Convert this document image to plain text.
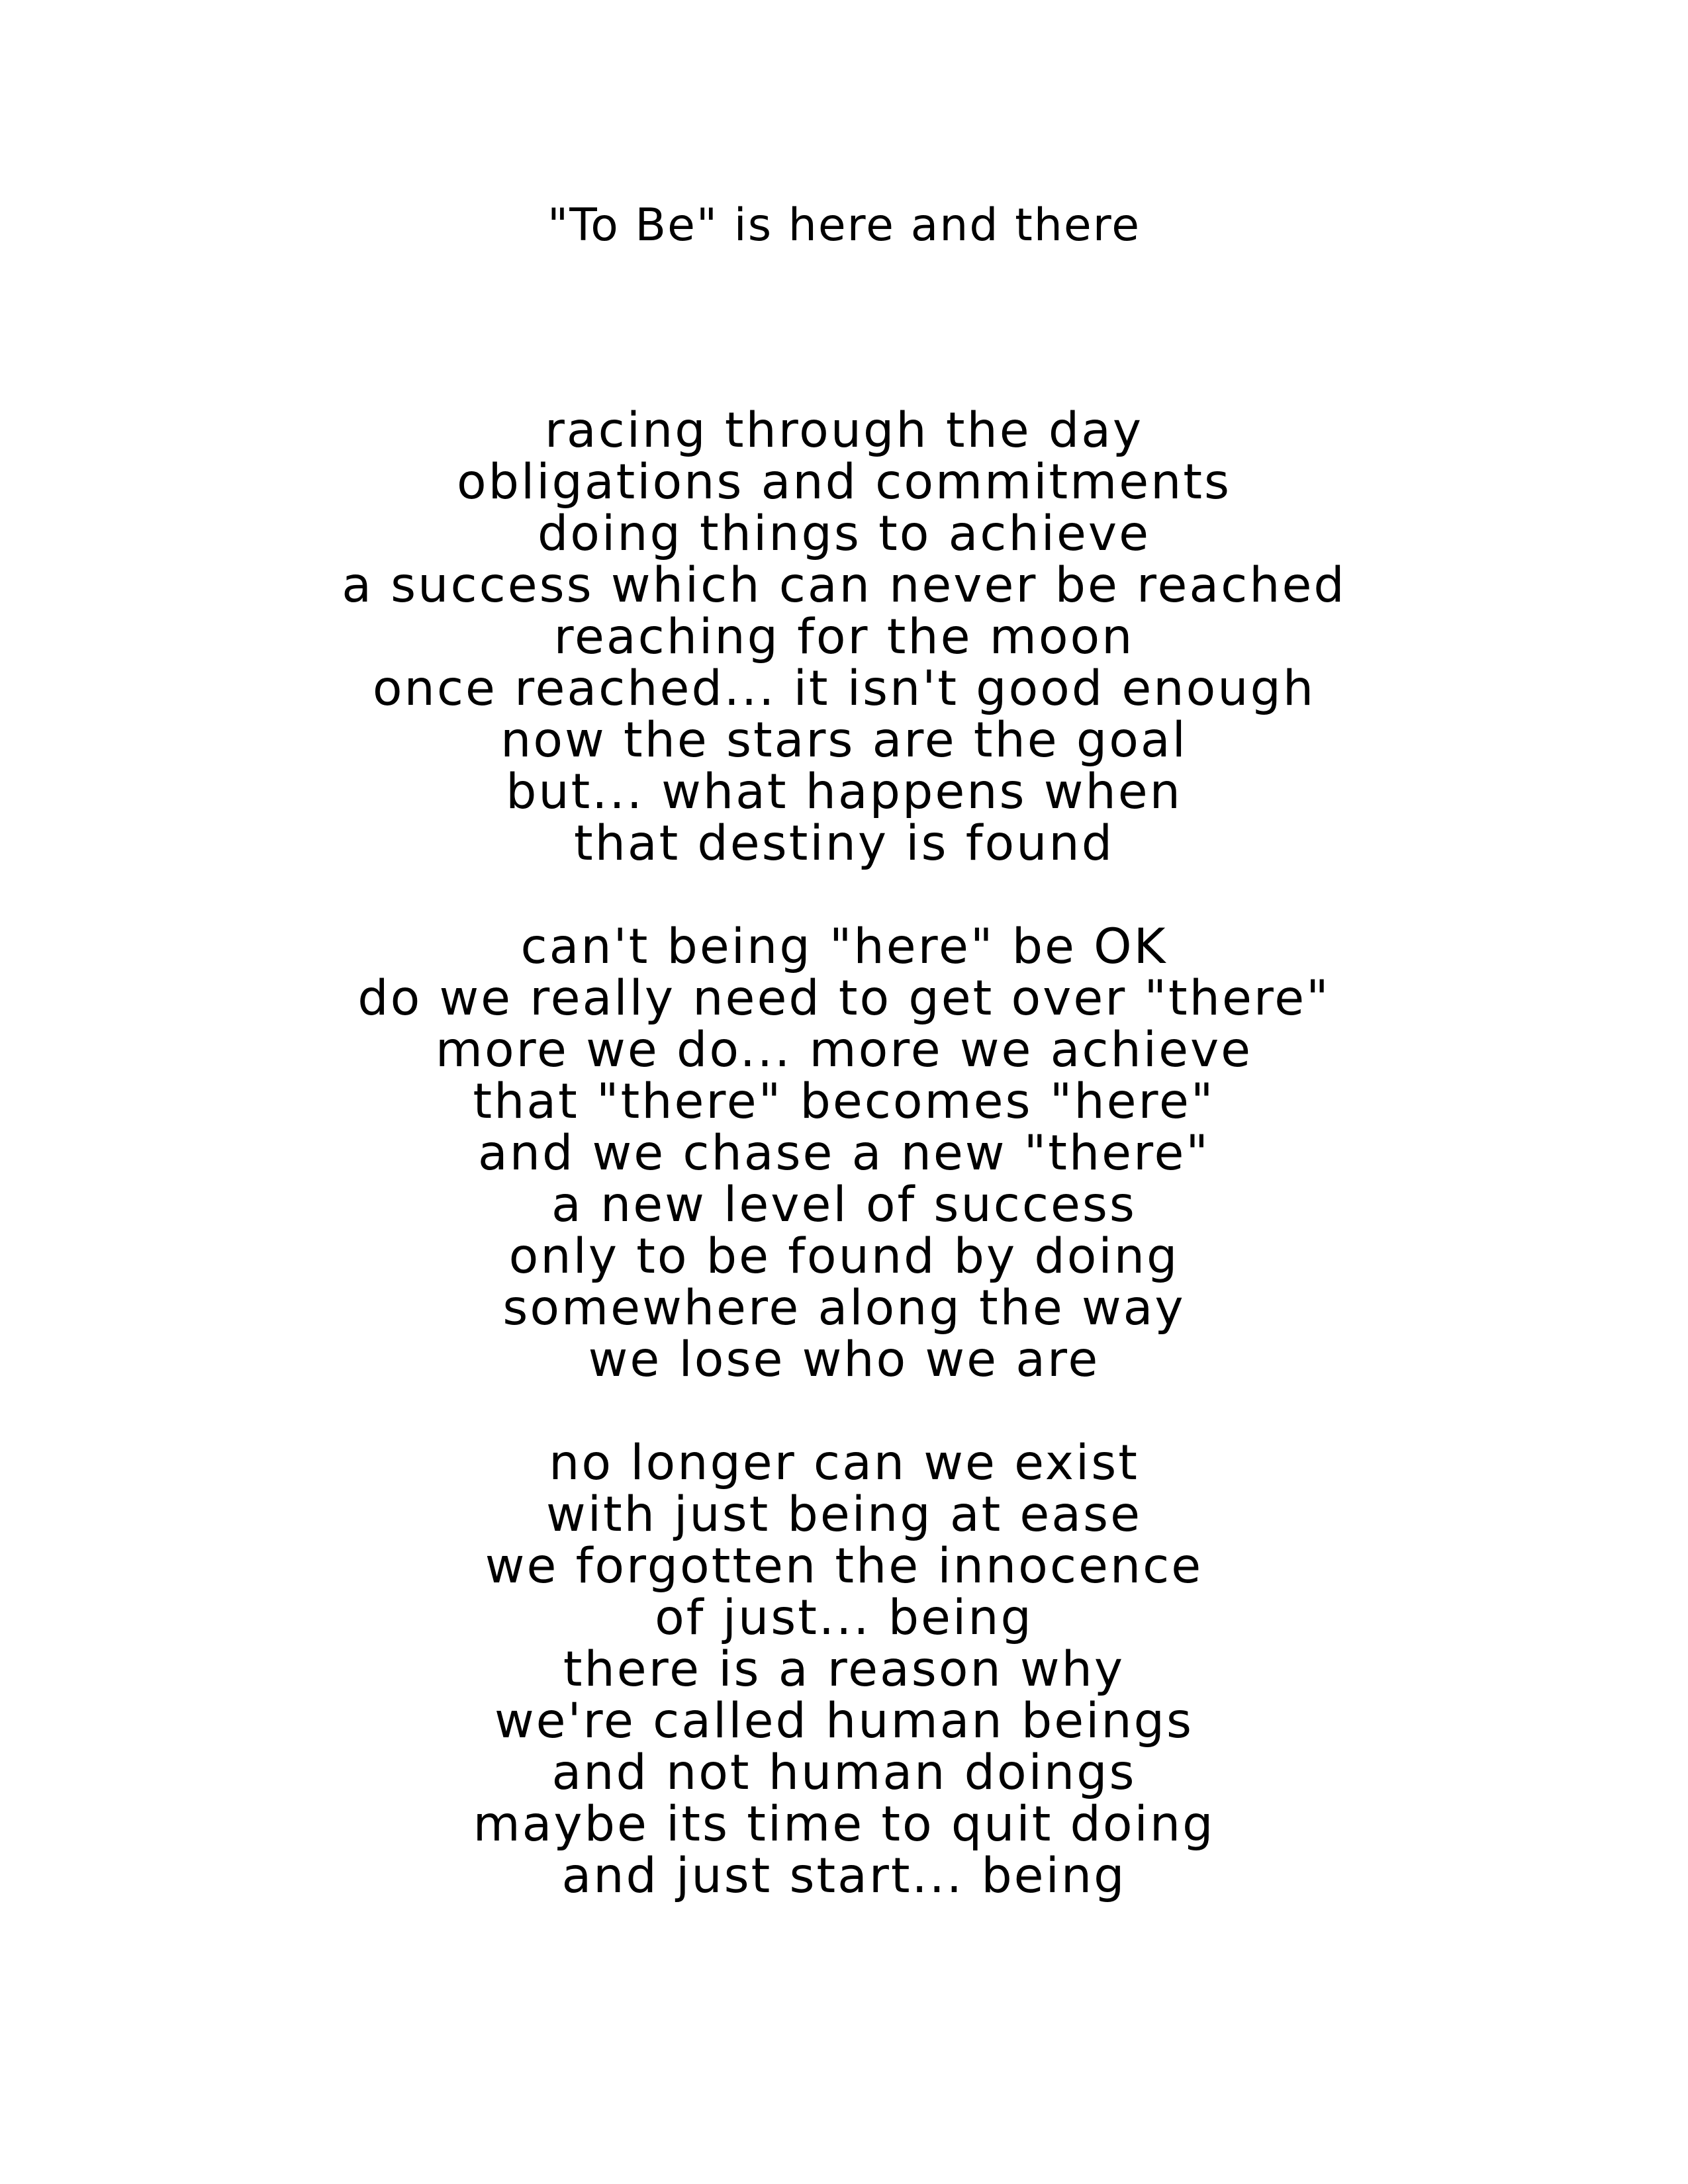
"To Be" is here and there
racing through the day
obligations and commitments
doing things to achieve
a success which can never be reached
reaching for the moon
once reached... it isn't good enough
now the stars are the goal
but... what happens when
that destiny is found
can't being "here" be OK
do we really need to get over "there"
more we do... more we achieve
that "there" becomes "here"
and we chase a new "there"
a new level of success
only to be found by doing
somewhere along the way
we lose who we are
no longer can we exist
with just being at ease
we forgotten the innocence
of just... being
there is a reason why
we're called human beings
and not human doings
maybe its time to quit doing
and just start... being
